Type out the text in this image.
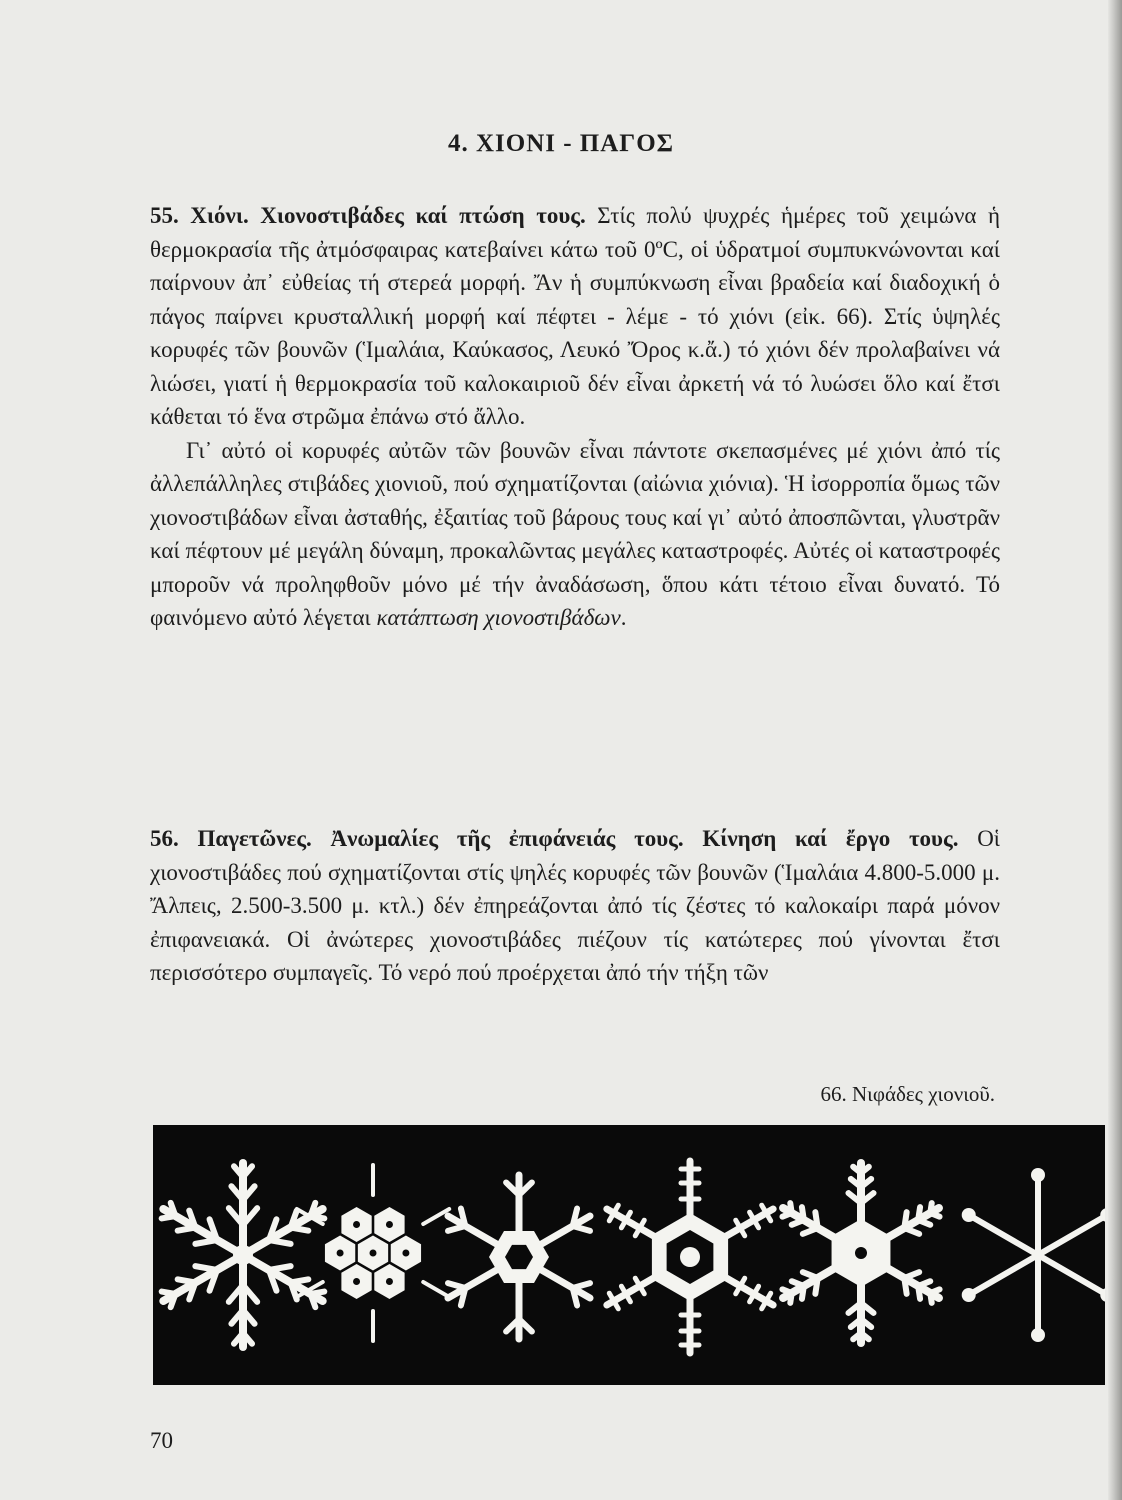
4. ΧΙΟΝΙ - ΠΑΓΟΣ

55. Χιόνι. Χιονοστιβάδες καί πτώση τους. Στίς πολύ ψυχρές ἡμέρες τοῦ χειμώνα ἡ θερμοκρασία τῆς ἀτμόσφαιρας κατεβαίνει κάτω τοῦ 0ºC, οἱ ὑδρατμοί συμπυκνώνονται καί παίρνουν ἀπ᾽ εὐθείας τή στερεά μορφή. Ἄν ἡ συμπύκνωση εἶναι βραδεία καί διαδοχική ὁ πάγος παίρνει κρυσταλλική μορφή καί πέφτει - λέμε - τό χιόνι (εἰκ. 66). Στίς ὑψηλές κορυφές τῶν βουνῶν (Ἱμαλάια, Καύκασος, Λευκό Ὄρος κ.ἄ.) τό χιόνι δέν προλαβαίνει νά λιώσει, γιατί ἡ θερμοκρασία τοῦ καλοκαιριοῦ δέν εἶναι ἀρκετή νά τό λυώσει ὅλο καί ἔτσι κάθεται τό ἕνα στρῶμα ἐπάνω στό ἄλλο.

Γι᾽ αὐτό οἱ κορυφές αὐτῶν τῶν βουνῶν εἶναι πάντοτε σκεπασμένες μέ χιόνι ἀπό τίς ἀλλεπάλληλες στιβάδες χιονιοῦ, πού σχηματίζονται (αἰώνια χιόνια). Ἡ ἰσορροπία ὅμως τῶν χιονοστιβάδων εἶναι ἀσταθής, ἐξαιτίας τοῦ βάρους τους καί γι᾽ αὐτό ἀποσπῶνται, γλυστρᾶν καί πέφτουν μέ μεγάλη δύναμη, προκαλῶντας μεγάλες καταστροφές. Αὐτές οἱ καταστροφές μποροῦν νά προληφθοῦν μόνο μέ τήν ἀναδάσωση, ὅπου κάτι τέτοιο εἶναι δυνατό. Τό φαινόμενο αὐτό λέγεται κατάπτωση χιονοστιβάδων.

56. Παγετῶνες. Ἀνωμαλίες τῆς ἐπιφάνειάς τους. Κίνηση καί ἔργο τους. Οἱ χιονοστιβάδες πού σχηματίζονται στίς ψηλές κορυφές τῶν βουνῶν (Ἱμαλάια 4.800-5.000 μ. Ἄλπεις, 2.500-3.500 μ. κτλ.) δέν ἐπηρεάζονται ἀπό τίς ζέστες τό καλοκαίρι παρά μόνον ἐπιφανειακά. Οἱ ἀνώτερες χιονοστιβάδες πιέζουν τίς κατώτερες πού γίνονται ἔτσι περισσότερο συμπαγεῖς. Τό νερό πού προέρχεται ἀπό τήν τήξη τῶν

66. Νιφάδες χιονιοῦ.
70
